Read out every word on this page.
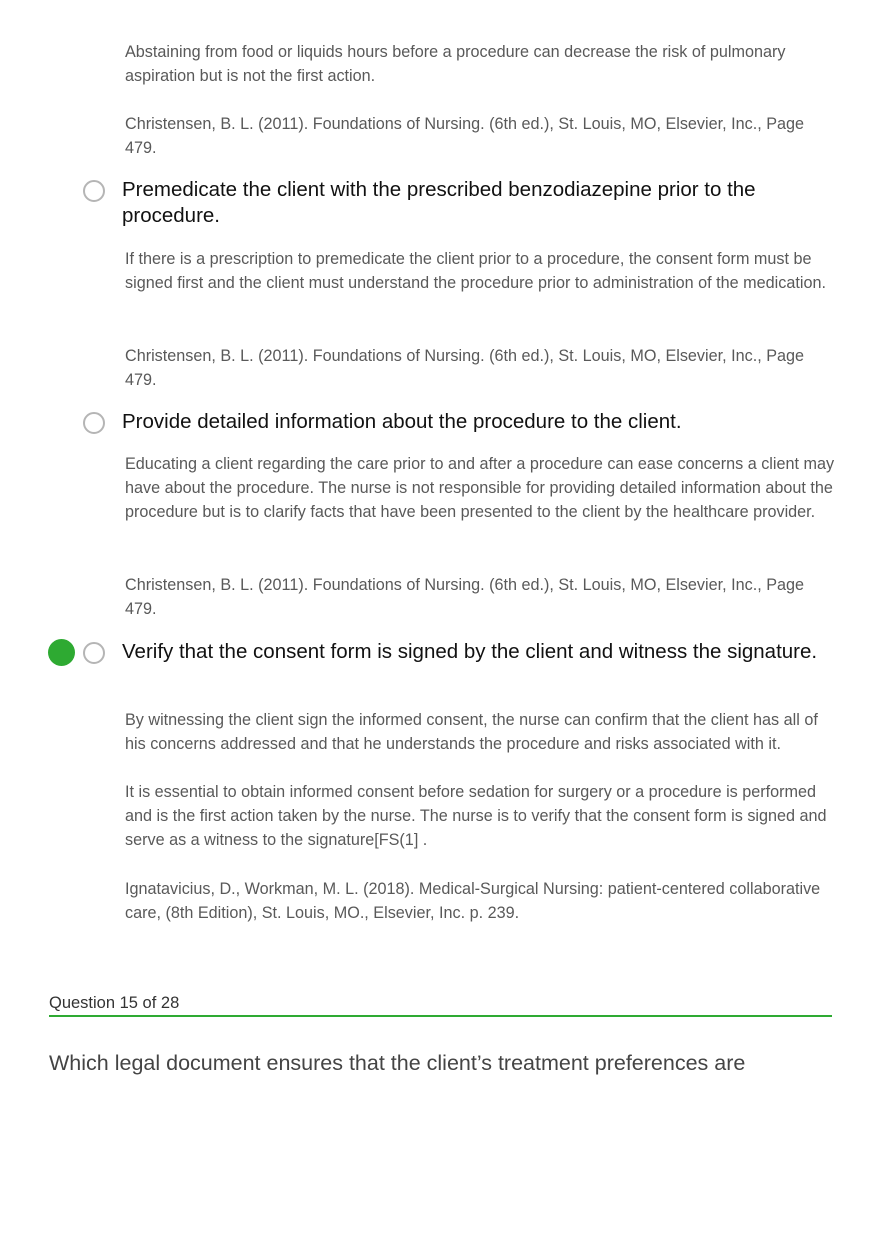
Abstaining from food or liquids hours before a procedure can decrease the risk of pulmonary aspiration but is not the first action.

Christensen, B. L. (2011). Foundations of Nursing. (6th ed.), St. Louis, MO, Elsevier, Inc., Page 479.

Premedicate the client with the prescribed benzodiazepine prior to the procedure.

If there is a prescription to premedicate the client prior to a procedure, the consent form must be signed first and the client must understand the procedure prior to administration of the medication.

Christensen, B. L. (2011). Foundations of Nursing. (6th ed.), St. Louis, MO, Elsevier, Inc., Page 479.

Provide detailed information about the procedure to the client.

Educating a client regarding the care prior to and after a procedure can ease concerns a client may have about the procedure. The nurse is not responsible for providing detailed information about the procedure but is to clarify facts that have been presented to the client by the healthcare provider.

Christensen, B. L. (2011). Foundations of Nursing. (6th ed.), St. Louis, MO, Elsevier, Inc., Page 479.

Verify that the consent form is signed by the client and witness the signature.

By witnessing the client sign the informed consent, the nurse can confirm that the client has all of his concerns addressed and that he understands the procedure and risks associated with it.

It is essential to obtain informed consent before sedation for surgery or a procedure is performed and is the first action taken by the nurse. The nurse is to verify that the consent form is signed and serve as a witness to the signature[FS(1] .

Ignatavicius, D., Workman, M. L. (2018). Medical-Surgical Nursing: patient-centered collaborative care, (8th Edition), St. Louis, MO., Elsevier, Inc. p. 239.

Question 15 of 28

Which legal document ensures that the client’s treatment preferences are
